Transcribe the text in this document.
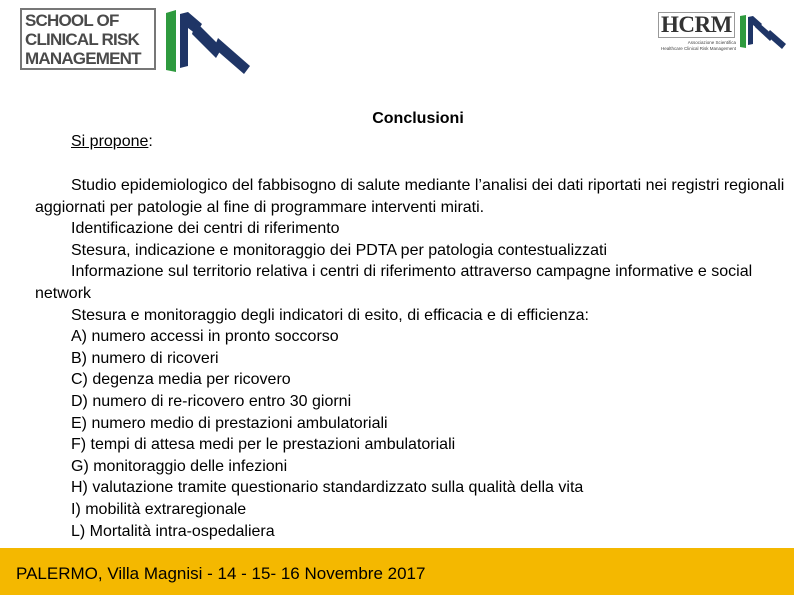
SCHOOL OF
CLINICAL RISK
MANAGEMENT
HCRM
Associazione Scientifica
Healthcare Clinical Risk Management
Conclusioni
Si propone:

Studio epidemiologico del fabbisogno di salute mediante l’analisi dei dati riportati nei registri regionali aggiornati per patologie al fine di programmare interventi mirati.

Identificazione dei centri di riferimento

Stesura, indicazione e monitoraggio dei PDTA per patologia contestualizzati

Informazione sul territorio relativa i centri di riferimento attraverso campagne informative e social network

Stesura e monitoraggio degli indicatori di esito, di efficacia e di efficienza:

A) numero accessi in pronto soccorso

B) numero di ricoveri

C) degenza media per ricovero

D) numero di re-ricovero entro 30 giorni

E) numero medio di prestazioni ambulatoriali

F) tempi di attesa medi per le prestazioni ambulatoriali

G) monitoraggio delle infezioni

H) valutazione tramite questionario standardizzato sulla qualità della vita

I) mobilità extraregionale

L) Mortalità intra-ospedaliera

PALERMO, Villa Magnisi - 14 - 15- 16 Novembre 2017
